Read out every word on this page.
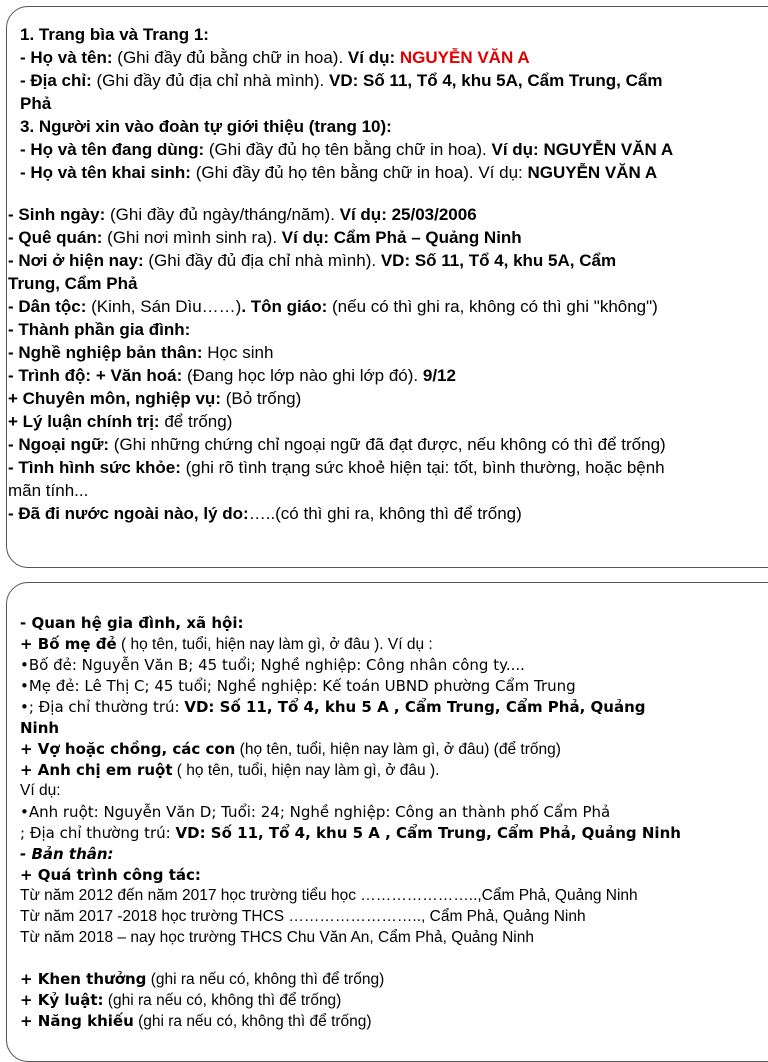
1. Trang bìa và Trang 1:
- Họ và tên: (Ghi đầy đủ bằng chữ in hoa). Ví dụ: NGUYỄN VĂN A
- Địa chỉ: (Ghi đầy đủ địa chỉ nhà mình). VD: Số 11, Tổ 4, khu 5A, Cẩm Trung, Cẩm
Phả
3. Người xin vào đoàn tự giới thiệu (trang 10):
- Họ và tên đang dùng: (Ghi đầy đủ họ tên bằng chữ in hoa). Ví dụ: NGUYỄN VĂN A
- Họ và tên khai sinh: (Ghi đầy đủ họ tên bằng chữ in hoa). Ví dụ: NGUYỄN VĂN A
- Sinh ngày: (Ghi đầy đủ ngày/tháng/năm). Ví dụ: 25/03/2006
- Quê quán: (Ghi nơi mình sinh ra). Ví dụ: Cẩm Phả – Quảng Ninh
- Nơi ở hiện nay: (Ghi đầy đủ địa chỉ nhà mình). VD: Số 11, Tổ 4, khu 5A, Cẩm
Trung, Cẩm Phả
- Dân tộc: (Kinh, Sán Dìu……). Tôn giáo: (nếu có thì ghi ra, không có thì ghi "không")
- Thành phần gia đình:
- Nghề nghiệp bản thân: Học sinh
- Trình độ: + Văn hoá: (Đang học lớp nào ghi lớp đó). 9/12
+ Chuyên môn, nghiệp vụ: (Bỏ trống)
+ Lý luận chính trị: để trống)
- Ngoại ngữ: (Ghi những chứng chỉ ngoại ngữ đã đạt được, nếu không có thì để trống)
- Tình hình sức khỏe: (ghi rõ tình trạng sức khoẻ hiện tại: tốt, bình thường, hoặc bệnh
mãn tính...
- Đã đi nước ngoài nào, lý do:…..(có thì ghi ra, không thì để trống)
- Quan hệ gia đình, xã hội:
+ Bố mẹ đẻ ( họ tên, tuổi, hiện nay làm gì, ở đâu ). Ví dụ :
•Bố đẻ: Nguyễn Văn B; 45 tuổi; Nghề nghiệp: Công nhân công ty....
•Mẹ đẻ: Lê Thị C; 45 tuổi; Nghề nghiệp: Kế toán UBND phường Cẩm Trung
•; Địa chỉ thường trú: VD: Số 11, Tổ 4, khu 5 A , Cẩm Trung, Cẩm Phả, Quảng
Ninh
+ Vợ hoặc chồng, các con (họ tên, tuổi, hiện nay làm gì, ở đâu) (để trống)
+ Anh chị em ruột ( họ tên, tuổi, hiện nay làm gì, ở đâu ).
Ví dụ:
•Anh ruột: Nguyễn Văn D; Tuổi: 24; Nghề nghiệp: Công an thành phố Cẩm Phả
; Địa chỉ thường trú: VD: Số 11, Tổ 4, khu 5 A , Cẩm Trung, Cẩm Phả, Quảng Ninh
- Bản thân:
+ Quá trình công tác:
Từ năm 2012 đến năm 2017 học trường tiểu học …………………..,Cẩm Phả, Quảng Ninh
Từ năm 2017 -2018 học trường THCS …………………….., Cẩm Phả, Quảng Ninh
Từ năm 2018 – nay học trường THCS Chu Văn An, Cẩm Phả, Quảng Ninh
+ Khen thưởng (ghi ra nếu có, không thì để trống)
+ Kỷ luật: (ghi ra nếu có, không thì để trống)
+ Năng khiếu (ghi ra nếu có, không thì để trống)
